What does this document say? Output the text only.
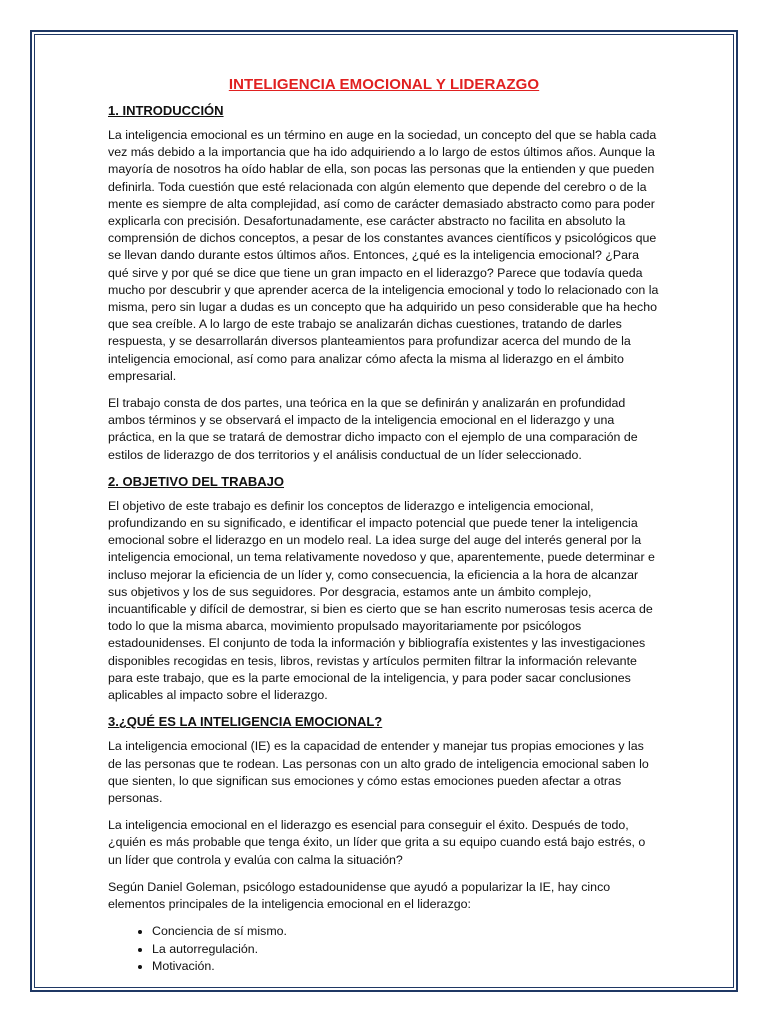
INTELIGENCIA EMOCIONAL Y LIDERAZGO
1. INTRODUCCIÓN

La inteligencia emocional es un término en auge en la sociedad, un concepto del que se habla cada vez más debido a la importancia que ha ido adquiriendo a lo largo de estos últimos años. Aunque la mayoría de nosotros ha oído hablar de ella, son pocas las personas que la entienden y que pueden definirla. Toda cuestión que esté relacionada con algún elemento que depende del cerebro o de la mente es siempre de alta complejidad, así como de carácter demasiado abstracto como para poder explicarla con precisión. Desafortunadamente, ese carácter abstracto no facilita en absoluto la comprensión de dichos conceptos, a pesar de los constantes avances científicos y psicológicos que se llevan dando durante estos últimos años. Entonces, ¿qué es la inteligencia emocional? ¿Para qué sirve y por qué se dice que tiene un gran impacto en el liderazgo? Parece que todavía queda mucho por descubrir y que aprender acerca de la inteligencia emocional y todo lo relacionado con la misma, pero sin lugar a dudas es un concepto que ha adquirido un peso considerable que ha hecho que sea creíble. A lo largo de este trabajo se analizarán dichas cuestiones, tratando de darles respuesta, y se desarrollarán diversos planteamientos para profundizar acerca del mundo de la inteligencia emocional, así como para analizar cómo afecta la misma al liderazgo en el ámbito empresarial.

El trabajo consta de dos partes, una teórica en la que se definirán y analizarán en profundidad ambos términos y se observará el impacto de la inteligencia emocional en el liderazgo y una práctica, en la que se tratará de demostrar dicho impacto con el ejemplo de una comparación de estilos de liderazgo de dos territorios y el análisis conductual de un líder seleccionado.

2. OBJETIVO DEL TRABAJO

El objetivo de este trabajo es definir los conceptos de liderazgo e inteligencia emocional, profundizando en su significado, e identificar el impacto potencial que puede tener la inteligencia emocional sobre el liderazgo en un modelo real. La idea surge del auge del interés general por la inteligencia emocional, un tema relativamente novedoso y que, aparentemente, puede determinar e incluso mejorar la eficiencia de un líder y, como consecuencia, la eficiencia a la hora de alcanzar sus objetivos y los de sus seguidores. Por desgracia, estamos ante un ámbito complejo, incuantificable y difícil de demostrar, si bien es cierto que se han escrito numerosas tesis acerca de todo lo que la misma abarca, movimiento propulsado mayoritariamente por psicólogos estadounidenses. El conjunto de toda la información y bibliografía existentes y las investigaciones disponibles recogidas en tesis, libros, revistas y artículos permiten filtrar la información relevante para este trabajo, que es la parte emocional de la inteligencia, y para poder sacar conclusiones aplicables al impacto sobre el liderazgo.

3.¿QUÉ ES LA INTELIGENCIA EMOCIONAL?

La inteligencia emocional (IE) es la capacidad de entender y manejar tus propias emociones y las de las personas que te rodean. Las personas con un alto grado de inteligencia emocional saben lo que sienten, lo que significan sus emociones y cómo estas emociones pueden afectar a otras personas.

La inteligencia emocional en el liderazgo es esencial para conseguir el éxito. Después de todo, ¿quién es más probable que tenga éxito, un líder que grita a su equipo cuando está bajo estrés, o un líder que controla y evalúa con calma la situación?

Según Daniel Goleman, psicólogo estadounidense que ayudó a popularizar la IE, hay cinco elementos principales de la inteligencia emocional en el liderazgo:

• Conciencia de sí mismo.
• La autorregulación.
• Motivación.
